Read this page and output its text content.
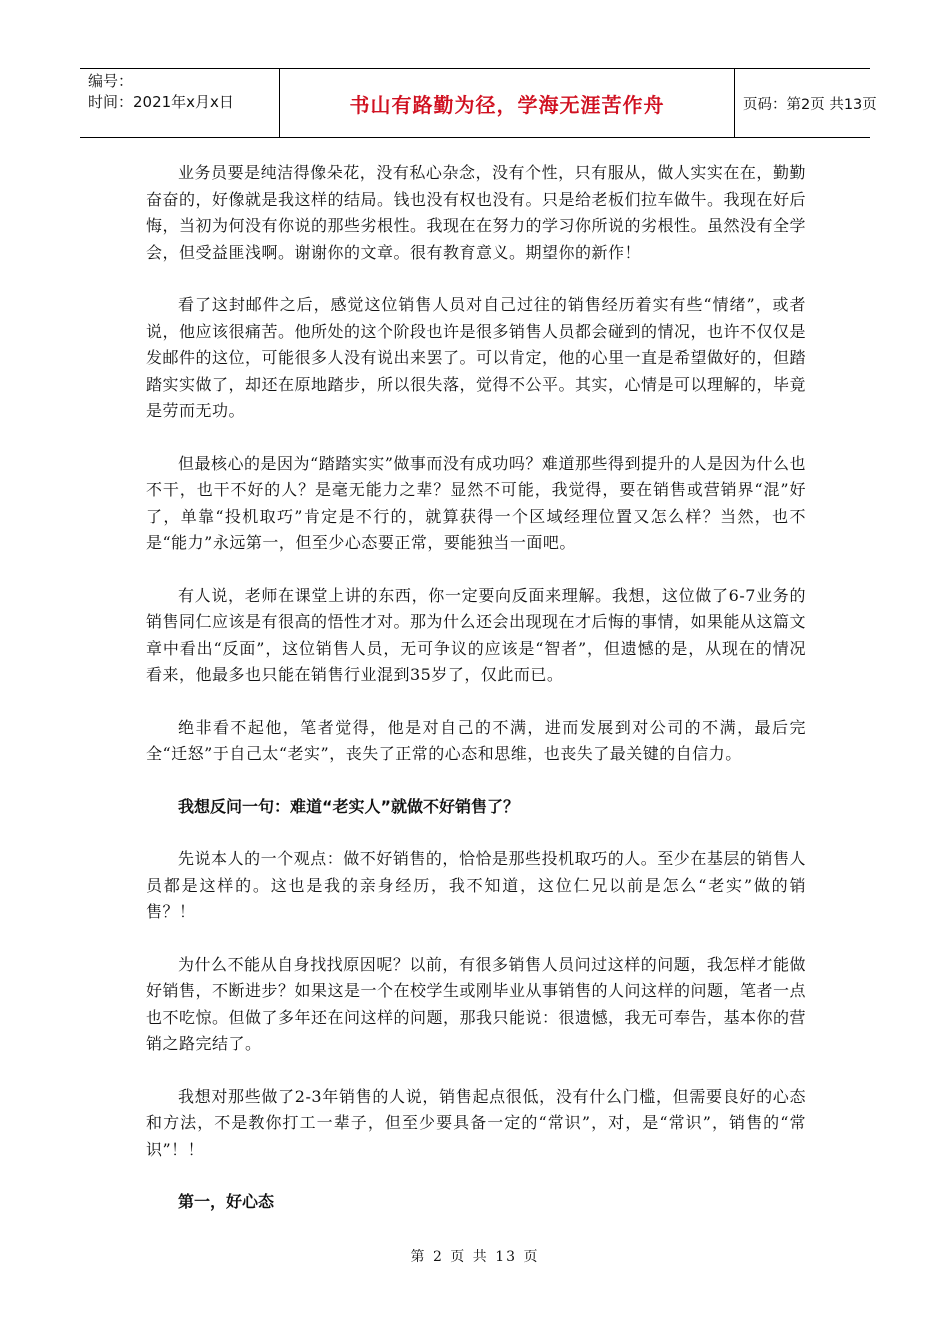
编号：
时间：2021年x月x日	书山有路勤为径，学海无涯苦作舟	页码：第2页 共13页

业务员要是纯洁得像朵花，没有私心杂念，没有个性，只有服从，做人实实在在，勤勤奋奋的，好像就是我这样的结局。钱也没有权也没有。只是给老板们拉车做牛。我现在好后悔，当初为何没有你说的那些劣根性。我现在在努力的学习你所说的劣根性。虽然没有全学会，但受益匪浅啊。谢谢你的文章。很有教育意义。期望你的新作！

看了这封邮件之后，感觉这位销售人员对自己过往的销售经历着实有些“情绪”，或者说，他应该很痛苦。他所处的这个阶段也许是很多销售人员都会碰到的情况，也许不仅仅是发邮件的这位，可能很多人没有说出来罢了。可以肯定，他的心里一直是希望做好的，但踏踏实实做了，却还在原地踏步，所以很失落，觉得不公平。其实，心情是可以理解的，毕竟是劳而无功。

但最核心的是因为“踏踏实实”做事而没有成功吗？难道那些得到提升的人是因为什么也不干，也干不好的人？是毫无能力之辈？显然不可能，我觉得，要在销售或营销界“混”好了，单靠“投机取巧”肯定是不行的，就算获得一个区域经理位置又怎么样？当然，也不是“能力”永远第一，但至少心态要正常，要能独当一面吧。

有人说，老师在课堂上讲的东西，你一定要向反面来理解。我想，这位做了6-7业务的销售同仁应该是有很高的悟性才对。那为什么还会出现现在才后悔的事情，如果能从这篇文章中看出“反面”，这位销售人员，无可争议的应该是“智者”，但遗憾的是，从现在的情况看来，他最多也只能在销售行业混到35岁了，仅此而已。

绝非看不起他，笔者觉得，他是对自己的不满，进而发展到对公司的不满，最后完全“迁怒”于自己太“老实”，丧失了正常的心态和思维，也丧失了最关键的自信力。

我想反问一句：难道“老实人”就做不好销售了？

先说本人的一个观点：做不好销售的，恰恰是那些投机取巧的人。至少在基层的销售人员都是这样的。这也是我的亲身经历，我不知道，这位仁兄以前是怎么“老实”做的销售？！

为什么不能从自身找找原因呢？以前，有很多销售人员问过这样的问题，我怎样才能做好销售，不断进步？如果这是一个在校学生或刚毕业从事销售的人问这样的问题，笔者一点也不吃惊。但做了多年还在问这样的问题，那我只能说：很遗憾，我无可奉告，基本你的营销之路完结了。

我想对那些做了2-3年销售的人说，销售起点很低，没有什么门槛，但需要良好的心态和方法，不是教你打工一辈子，但至少要具备一定的“常识”，对，是“常识”，销售的“常识”！！

第一，好心态

第 2 页 共 13 页
